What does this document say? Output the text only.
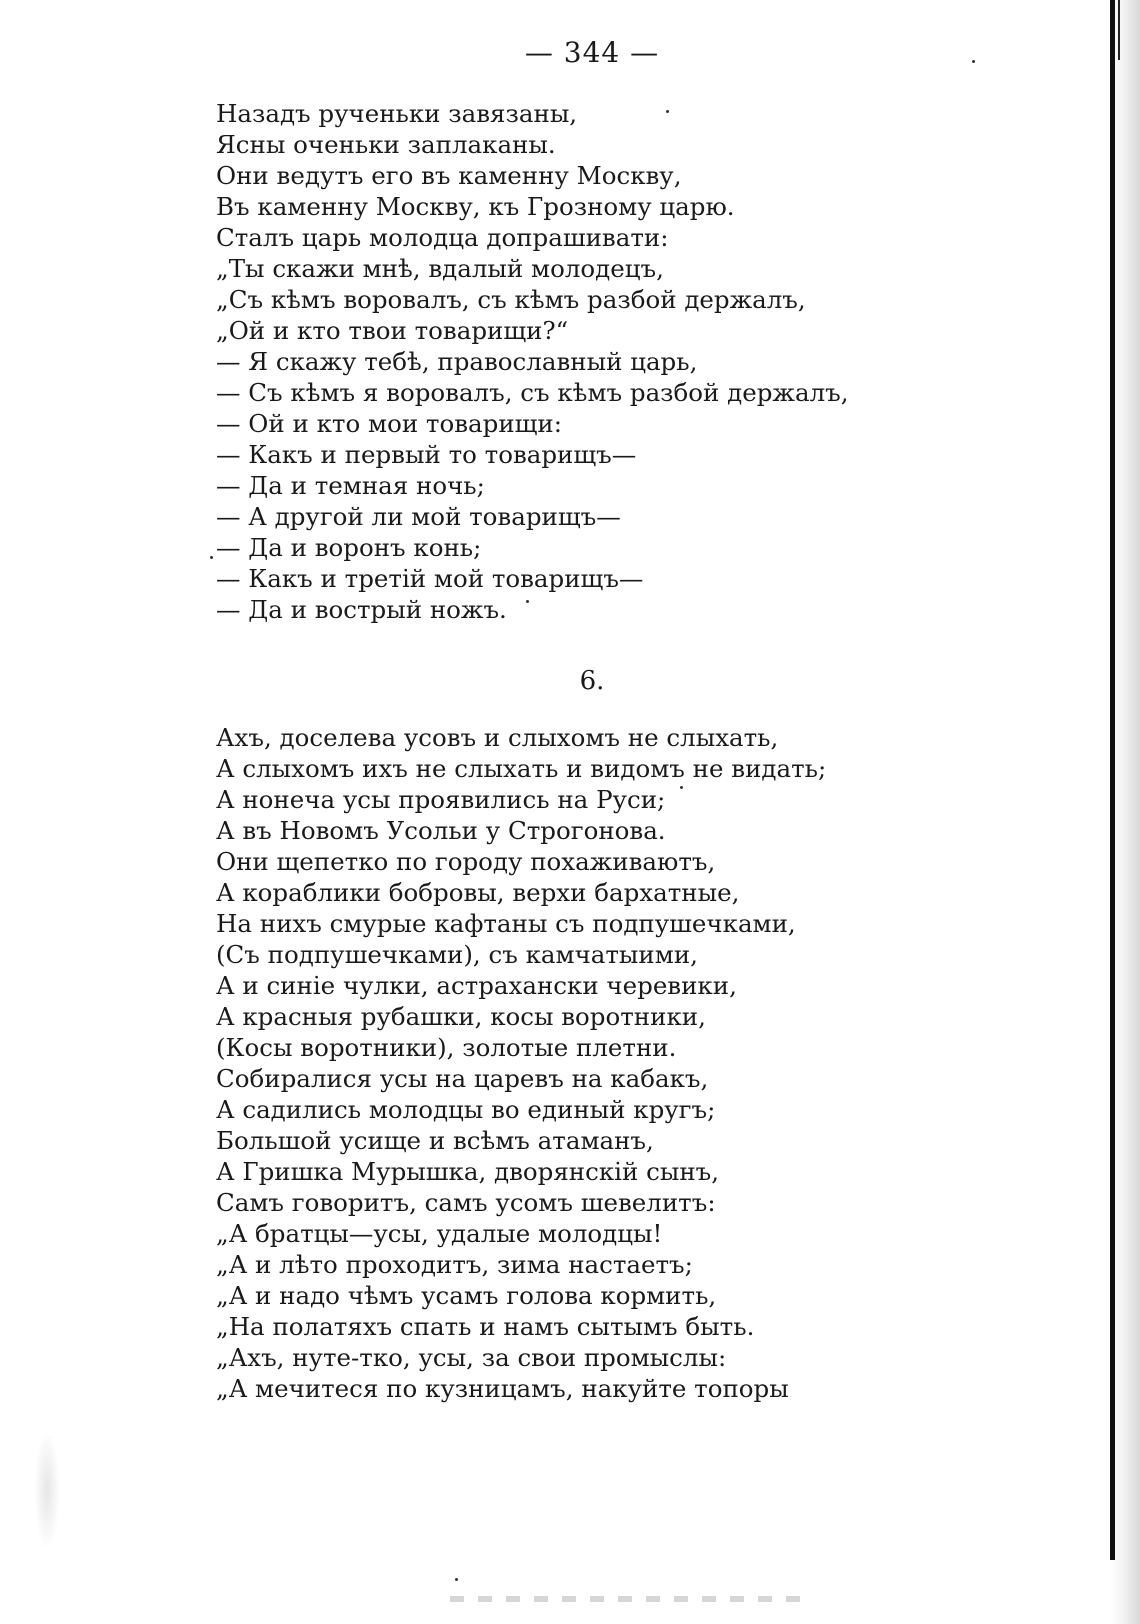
— 344 —
Назадъ рученьки завязаны,
Ясны оченьки заплаканы.
Они ведутъ его въ каменну Москву,
Въ каменну Москву, къ Грозному царю.
Сталъ царь молодца допрашивати:
„Ты скажи мнѣ, вдалый молодецъ,
„Съ кѣмъ воровалъ, съ кѣмъ разбой держалъ,
„Ой и кто твои товарищи?“
— Я скажу тебѣ, православный царь,
— Съ кѣмъ я воровалъ, съ кѣмъ разбой держалъ,
— Ой и кто мои товарищи:
— Какъ и первый то товарищъ—
— Да и темная ночь;
— А другой ли мой товарищъ—
— Да и воронъ конь;
— Какъ и третій мой товарищъ—
— Да и вострый ножъ.
6.
Ахъ, доселева усовъ и слыхомъ не слыхать,
А слыхомъ ихъ не слыхать и видомъ не видать;
А нонеча усы проявились на Руси;
А въ Новомъ Усольи у Строгонова.
Они щепетко по городу похаживаютъ,
А кораблики бобровы, верхи бархатные,
На нихъ смурые кафтаны съ подпушечками,
(Съ подпушечками), съ камчатыими,
А и синіе чулки, астрахански черевики,
А красныя рубашки, косы воротники,
(Косы воротники), золотые плетни.
Собиралися усы на царевъ на кабакъ,
А садились молодцы во единый кругъ;
Большой усище и всѣмъ атаманъ,
А Гришка Мурышка, дворянскій сынъ,
Самъ говоритъ, самъ усомъ шевелитъ:
„А братцы—усы, удалые молодцы!
„А и лѣто проходитъ, зима настаетъ;
„А и надо чѣмъ усамъ голова кормить,
„На полатяхъ спать и намъ сытымъ быть.
„Ахъ, нуте-тко, усы, за свои промыслы:
„А мечитеся по кузницамъ, накуйте топоры
